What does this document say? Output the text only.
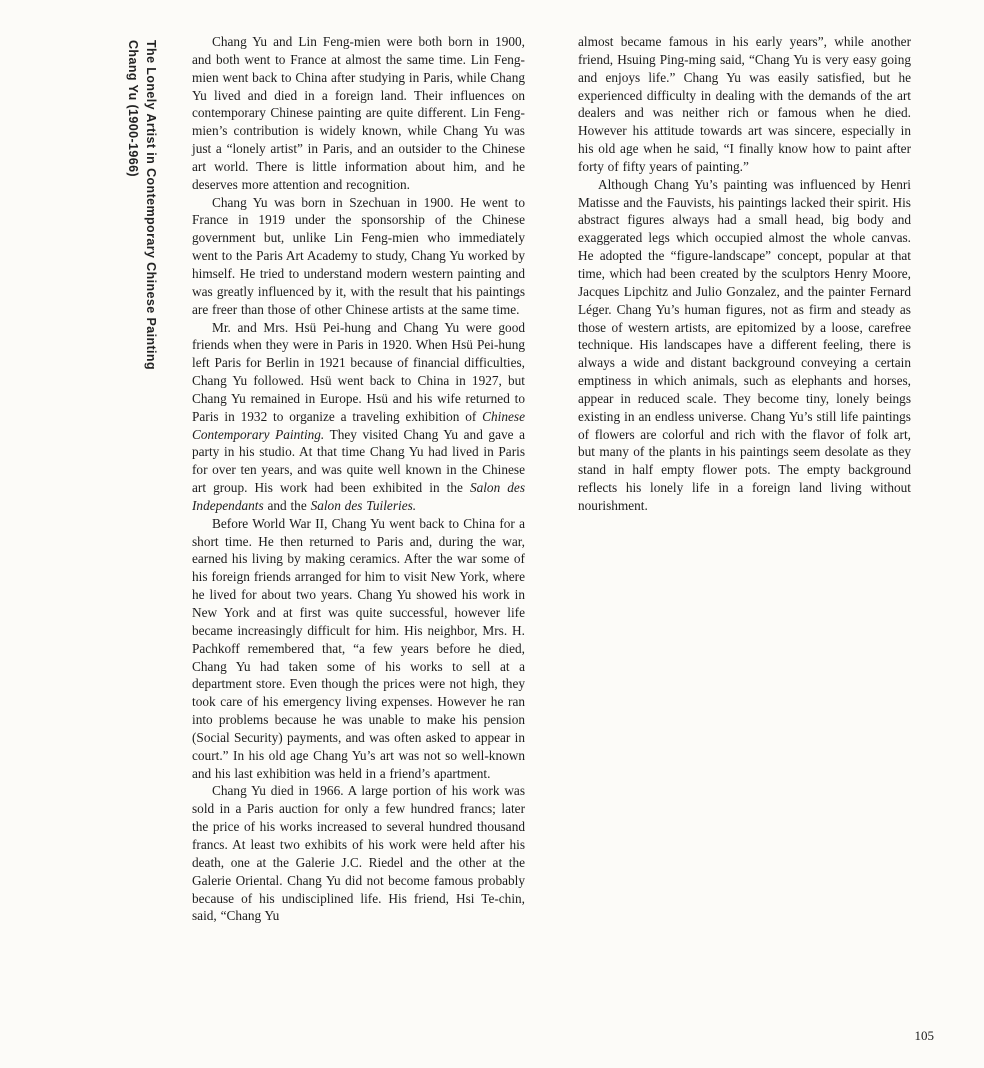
Chang Yu (1900-1966) The Lonely Artist in Contemporary Chinese Painting	Chang Yu and Lin Feng-mien were both born in 1900, and both went to France at almost the same time. Lin Feng-mien went back to China after studying in Paris, while Chang Yu lived and died in a foreign land. Their influences on contemporary Chinese painting are quite different. Lin Feng-mien’s contribution is widely known, while Chang Yu was just a “lonely artist” in Paris, and an outsider to the Chinese art world. There is little information about him, and he deserves more attention and recognition.

Chang Yu was born in Szechuan in 1900. He went to France in 1919 under the sponsorship of the Chinese government but, unlike Lin Feng-mien who immediately went to the Paris Art Academy to study, Chang Yu worked by himself. He tried to understand modern western painting and was greatly influenced by it, with the result that his paintings are freer than those of other Chinese artists at the same time.

Mr. and Mrs. Hsü Pei-hung and Chang Yu were good friends when they were in Paris in 1920. When Hsü Pei-hung left Paris for Berlin in 1921 because of financial difficulties, Chang Yu followed. Hsü went back to China in 1927, but Chang Yu remained in Europe. Hsü and his wife returned to Paris in 1932 to organize a traveling exhibition of Chinese Contemporary Painting. They visited Chang Yu and gave a party in his studio. At that time Chang Yu had lived in Paris for over ten years, and was quite well known in the Chinese art group. His work had been exhibited in the Salon des Independants and the Salon des Tuileries.

Before World War II, Chang Yu went back to China for a short time. He then returned to Paris and, during the war, earned his living by making ceramics. After the war some of his foreign friends arranged for him to visit New York, where he lived for about two years. Chang Yu showed his work in New York and at first was quite successful, however life became increasingly difficult for him. His neighbor, Mrs. H. Pachkoff remembered that, “a few years before he died, Chang Yu had taken some of his works to sell at a department store. Even though the prices were not high, they took care of his emergency living expenses. However he ran into problems because he was unable to make his pension (Social Security) payments, and was often asked to appear in court.” In his old age Chang Yu’s art was not so well-known and his last exhibition was held in a friend’s apartment.

Chang Yu died in 1966. A large portion of his work was sold in a Paris auction for only a few hundred francs; later the price of his works increased to several hundred thousand francs. At least two exhibits of his work were held after his death, one at the Galerie J.C. Riedel and the other at the Galerie Oriental. Chang Yu did not become famous probably because of his undisciplined life. His friend, Hsi Te-chin, said, “Chang Yu

almost became famous in his early years”, while another friend, Hsuing Ping-ming said, “Chang Yu is very easy going and enjoys life.” Chang Yu was easily satisfied, but he experienced difficulty in dealing with the demands of the art dealers and was neither rich or famous when he died. However his attitude towards art was sincere, especially in his old age when he said, “I finally know how to paint after forty of fifty years of painting.”

Although Chang Yu’s painting was influenced by Henri Matisse and the Fauvists, his paintings lacked their spirit. His abstract figures always had a small head, big body and exaggerated legs which occupied almost the whole canvas. He adopted the “figure-landscape” concept, popular at that time, which had been created by the sculptors Henry Moore, Jacques Lipchitz and Julio Gonzalez, and the painter Fernard Léger. Chang Yu’s human figures, not as firm and steady as those of western artists, are epitomized by a loose, carefree technique. His landscapes have a different feeling, there is always a wide and distant background conveying a certain emptiness in which animals, such as elephants and horses, appear in reduced scale. They become tiny, lonely beings existing in an endless universe. Chang Yu’s still life paintings of flowers are colorful and rich with the flavor of folk art, but many of the plants in his paintings seem desolate as they stand in half empty flower pots. The empty background reflects his lonely life in a foreign land living without nourishment.

105
